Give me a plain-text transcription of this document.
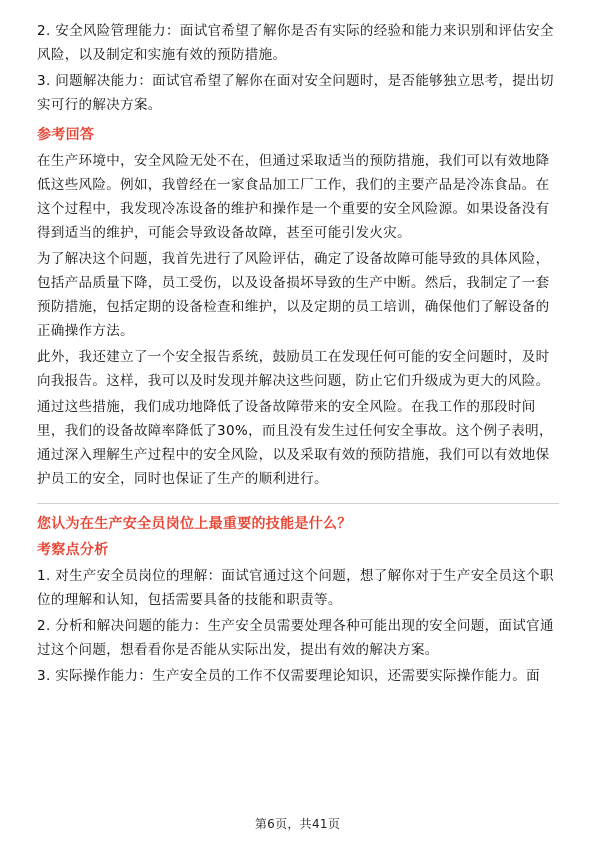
2. 安全风险管理能力：面试官希望了解你是否有实际的经验和能力来识别和评估安全风险，以及制定和实施有效的预防措施。

3. 问题解决能力：面试官希望了解你在面对安全问题时，是否能够独立思考，提出切实可行的解决方案。

参考回答

在生产环境中，安全风险无处不在，但通过采取适当的预防措施，我们可以有效地降低这些风险。例如，我曾经在一家食品加工厂工作，我们的主要产品是冷冻食品。在这个过程中，我发现冷冻设备的维护和操作是一个重要的安全风险源。如果设备没有得到适当的维护，可能会导致设备故障，甚至可能引发火灾。

为了解决这个问题，我首先进行了风险评估，确定了设备故障可能导致的具体风险，包括产品质量下降，员工受伤，以及设备损坏导致的生产中断。然后，我制定了一套预防措施，包括定期的设备检查和维护，以及定期的员工培训，确保他们了解设备的正确操作方法。

此外，我还建立了一个安全报告系统，鼓励员工在发现任何可能的安全问题时，及时向我报告。这样，我可以及时发现并解决这些问题，防止它们升级成为更大的风险。

通过这些措施，我们成功地降低了设备故障带来的安全风险。在我工作的那段时间里，我们的设备故障率降低了30%，而且没有发生过任何安全事故。这个例子表明，通过深入理解生产过程中的安全风险，以及采取有效的预防措施，我们可以有效地保护员工的安全，同时也保证了生产的顺利进行。

您认为在生产安全员岗位上最重要的技能是什么？
考察点分析

1. 对生产安全员岗位的理解：面试官通过这个问题，想了解你对于生产安全员这个职位的理解和认知，包括需要具备的技能和职责等。

2. 分析和解决问题的能力：生产安全员需要处理各种可能出现的安全问题，面试官通过这个问题，想看看你是否能从实际出发，提出有效的解决方案。

3. 实际操作能力：生产安全员的工作不仅需要理论知识，还需要实际操作能力。面

第6页，共41页
